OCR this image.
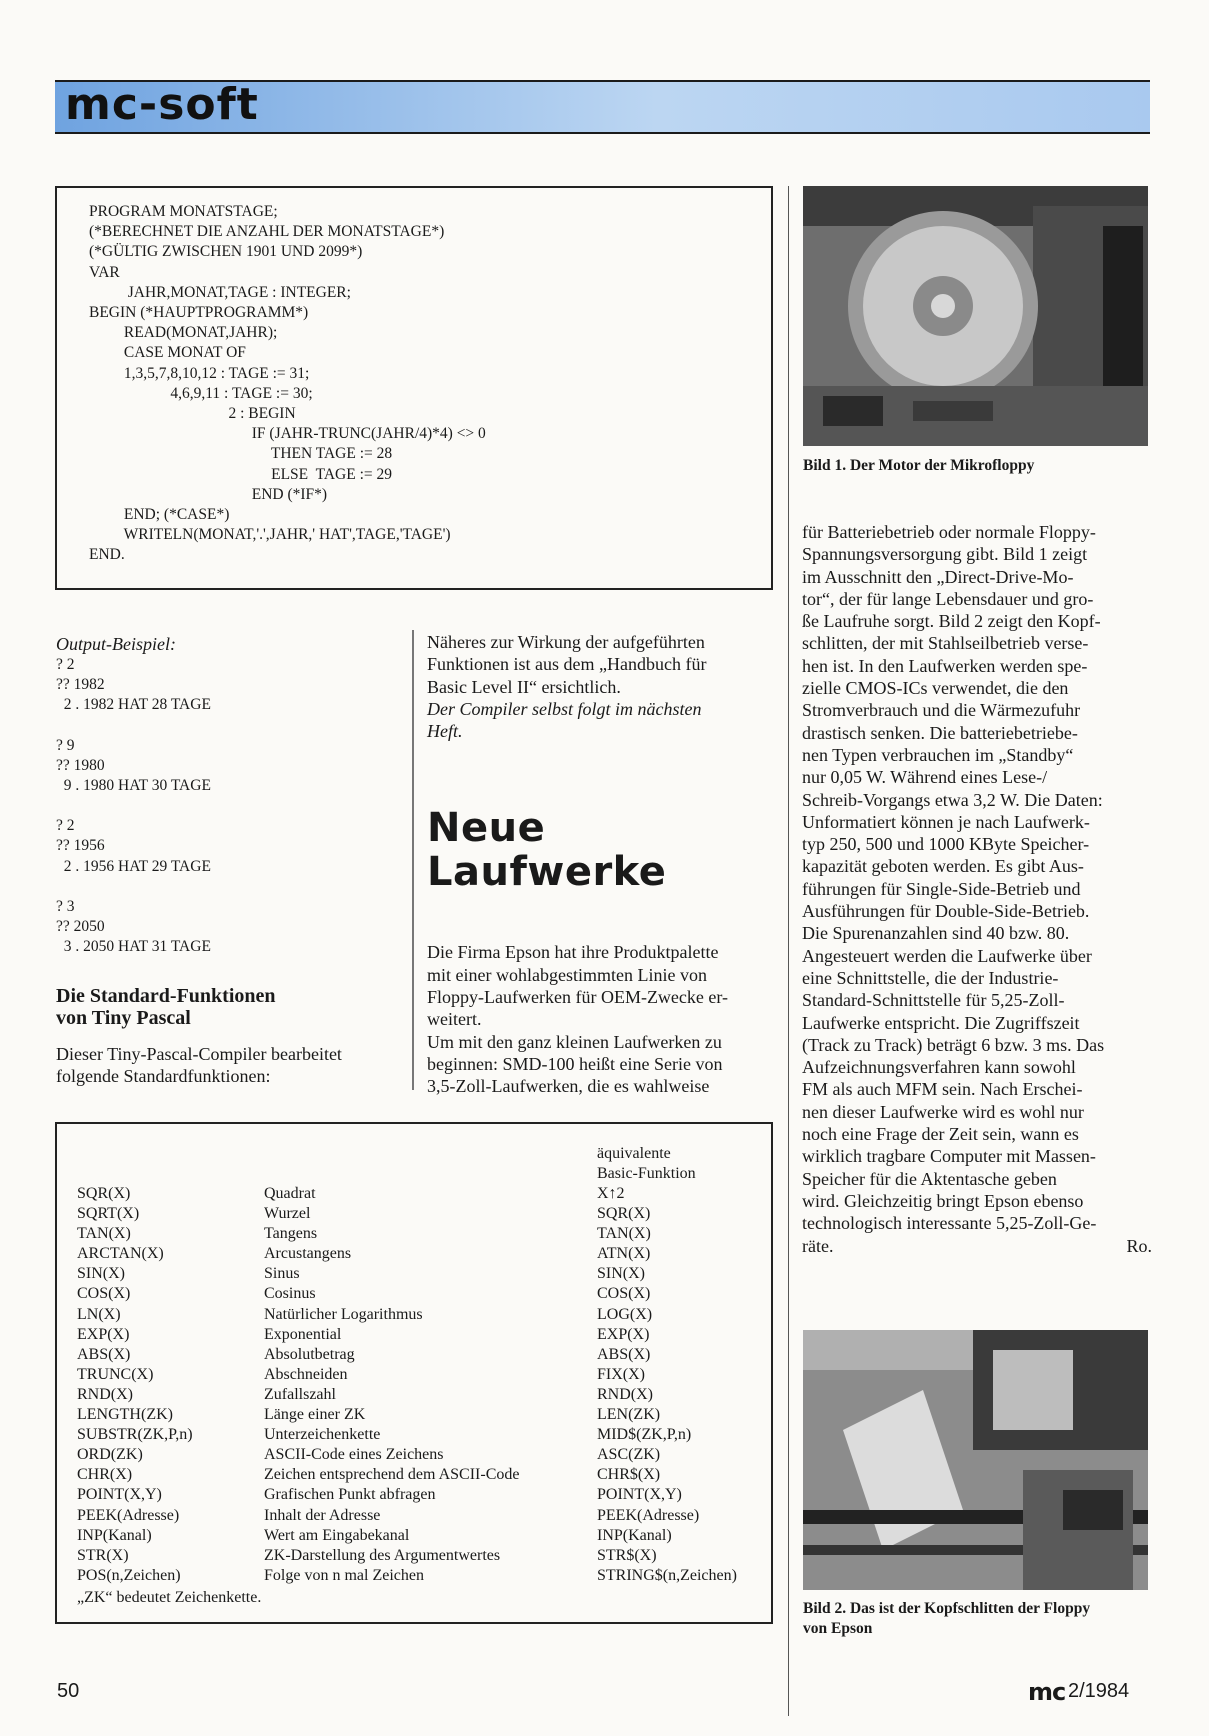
mc-soft
PROGRAM MONATSTAGE;
(*BERECHNET DIE ANZAHL DER MONATSTAGE*)
(*GÜLTIG ZWISCHEN 1901 UND 2099*)
VAR
JAHR,MONAT,TAGE : INTEGER;
BEGIN (*HAUPTPROGRAMM*)
READ(MONAT,JAHR);
CASE MONAT OF
1,3,5,7,8,10,12 : TAGE := 31;
4,6,9,11 : TAGE := 30;
2 : BEGIN
IF (JAHR-TRUNC(JAHR/4)*4) <> 0
THEN TAGE := 28
ELSE  TAGE := 29
END (*IF*)
END; (*CASE*)
WRITELN(MONAT,'.',JAHR,' HAT',TAGE,'TAGE')
END.
Output-Beispiel:
? 2
?? 1982
2 . 1982 HAT 28 TAGE
? 9
?? 1980
9 . 1980 HAT 30 TAGE
? 2
?? 1956
2 . 1956 HAT 29 TAGE
? 3
?? 2050
3 . 2050 HAT 31 TAGE
Die Standard-Funktionen
von Tiny Pascal
Dieser Tiny-Pascal-Compiler bearbeitet
folgende Standardfunktionen:
Näheres zur Wirkung der aufgeführten
Funktionen ist aus dem „Handbuch für
Basic Level II“ ersichtlich.
Der Compiler selbst folgt im nächsten
Heft.
Neue
Laufwerke
Die Firma Epson hat ihre Produktpalette
mit einer wohlabgestimmten Linie von
Floppy-Laufwerken für OEM-Zwecke er-
weitert.
Um mit den ganz kleinen Laufwerken zu
beginnen: SMD-100 heißt eine Serie von
3,5-Zoll-Laufwerken, die es wahlweise
Bild 1. Der Motor der Mikrofloppy
für Batteriebetrieb oder normale Floppy-
Spannungsversorgung gibt. Bild 1 zeigt
im Ausschnitt den „Direct-Drive-Mo-
tor“, der für lange Lebensdauer und gro-
ße Laufruhe sorgt. Bild 2 zeigt den Kopf-
schlitten, der mit Stahlseilbetrieb verse-
hen ist. In den Laufwerken werden spe-
zielle CMOS-ICs verwendet, die den
Stromverbrauch und die Wärmezufuhr
drastisch senken. Die batteriebetriebe-
nen Typen verbrauchen im „Standby“
nur 0,05 W. Während eines Lese-/
Schreib-Vorgangs etwa 3,2 W. Die Daten:
Unformatiert können je nach Laufwerk-
typ 250, 500 und 1000 KByte Speicher-
kapazität geboten werden. Es gibt Aus-
führungen für Single-Side-Betrieb und
Ausführungen für Double-Side-Betrieb.
Die Spurenanzahlen sind 40 bzw. 80.
Angesteuert werden die Laufwerke über
eine Schnittstelle, die der Industrie-
Standard-Schnittstelle für 5,25-Zoll-
Laufwerke entspricht. Die Zugriffszeit
(Track zu Track) beträgt 6 bzw. 3 ms. Das
Aufzeichnungsverfahren kann sowohl
FM als auch MFM sein. Nach Erschei-
nen dieser Laufwerke wird es wohl nur
noch eine Frage der Zeit sein, wann es
wirklich tragbare Computer mit Massen-
Speicher für die Aktentasche geben
wird. Gleichzeitig bringt Epson ebenso
technologisch interessante 5,25-Zoll-Ge-
räte.	Ro.
Bild 2. Das ist der Kopfschlitten der Floppy
von Epson
äquivalente
Basic-Funktion
SQR(X)
SQRT(X)
TAN(X)
ARCTAN(X)
SIN(X)
COS(X)
LN(X)
EXP(X)
ABS(X)
TRUNC(X)
RND(X)
LENGTH(ZK)
SUBSTR(ZK,P,n)
ORD(ZK)
CHR(X)
POINT(X,Y)
PEEK(Adresse)
INP(Kanal)
STR(X)
POS(n,Zeichen)
Quadrat
Wurzel
Tangens
Arcustangens
Sinus
Cosinus
Natürlicher Logarithmus
Exponential
Absolutbetrag
Abschneiden
Zufallszahl
Länge einer ZK
Unterzeichenkette
ASCII-Code eines Zeichens
Zeichen entsprechend dem ASCII-Code
Grafischen Punkt abfragen
Inhalt der Adresse
Wert am Eingabekanal
ZK-Darstellung des Argumentwertes
Folge von n mal Zeichen
X↑2
SQR(X)
TAN(X)
ATN(X)
SIN(X)
COS(X)
LOG(X)
EXP(X)
ABS(X)
FIX(X)
RND(X)
LEN(ZK)
MID$(ZK,P,n)
ASC(ZK)
CHR$(X)
POINT(X,Y)
PEEK(Adresse)
INP(Kanal)
STR$(X)
STRING$(n,Zeichen)
„ZK“ bedeutet Zeichenkette.
50	mc 2/1984
